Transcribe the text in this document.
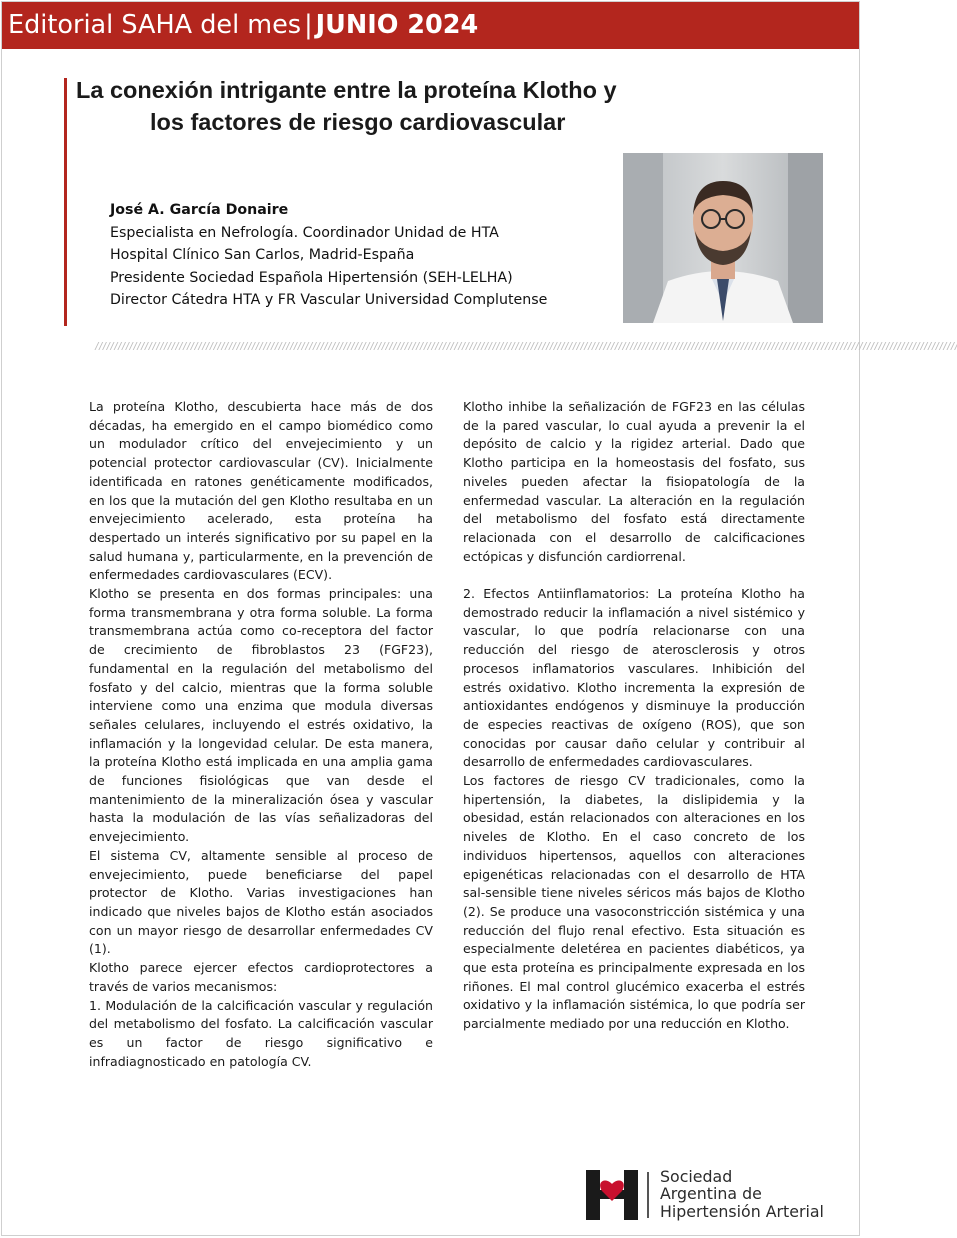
Editorial SAHA del mes | JUNIO 2024
La conexión intrigante entre la proteína Klotho y
los factores de riesgo cardiovascular
José A. García Donaire
Especialista en Nefrología. Coordinador Unidad de HTA
Hospital Clínico San Carlos, Madrid-España
Presidente Sociedad Española Hipertensión (SEH-LELHA)
Director Cátedra HTA y FR Vascular Universidad Complutense
//////////////////////////////////////////////////////////////////////////////////////////////////////////////////////////////////////////////////////////////////////////////////////////////////////////////////////////////////

La proteína Klotho, descubierta hace más de dos décadas, ha emergido en el campo biomédico como un modulador crítico del envejecimiento y un potencial protector cardiovascular (CV). Inicialmente identificada en ratones genéticamente modificados, en los que la mutación del gen Klotho resultaba en un envejecimiento acelerado, esta proteína ha despertado un interés significativo por su papel en la salud humana y, particularmente, en la prevención de enfermedades cardiovasculares (ECV).

Klotho se presenta en dos formas principales: una forma transmembrana y otra forma soluble. La forma transmembrana actúa como co-receptora del factor de crecimiento de fibroblastos 23 (FGF23), fundamental en la regulación del metabolismo del fosfato y del calcio, mientras que la forma soluble interviene como una enzima que modula diversas señales celulares, incluyendo el estrés oxidativo, la inflamación y la longevidad celular. De esta manera, la proteína Klotho está implicada en una amplia gama de funciones fisiológicas que van desde el mantenimiento de la mineralización ósea y vascular hasta la modulación de las vías señalizadoras del envejecimiento.

El sistema CV, altamente sensible al proceso de envejecimiento, puede beneficiarse del papel protector de Klotho. Varias investigaciones han indicado que niveles bajos de Klotho están asociados con un mayor riesgo de desarrollar enfermedades CV (1).

Klotho parece ejercer efectos cardioprotectores a través de varios mecanismos:

1. Modulación de la calcificación vascular y regulación del metabolismo del fosfato. La calcificación vascular es un factor de riesgo significativo e infradiagnosticado en patología CV.

Klotho inhibe la señalización de FGF23 en las células de la pared vascular, lo cual ayuda a prevenir la el depósito de calcio y la rigidez arterial. Dado que Klotho participa en la homeostasis del fosfato, sus niveles pueden afectar la fisiopatología de la enfermedad vascular. La alteración en la regulación del metabolismo del fosfato está directamente relacionada con el desarrollo de calcificaciones ectópicas y disfunción cardiorrenal.

2. Efectos Antiinflamatorios: La proteína Klotho ha demostrado reducir la inflamación a nivel sistémico y vascular, lo que podría relacionarse con una reducción del riesgo de aterosclerosis y otros procesos inflamatorios vasculares. Inhibición del estrés oxidativo. Klotho incrementa la expresión de antioxidantes endógenos y disminuye la producción de especies reactivas de oxígeno (ROS), que son conocidas por causar daño celular y contribuir al desarrollo de enfermedades cardiovasculares.

Los factores de riesgo CV tradicionales, como la hipertensión, la diabetes, la dislipidemia y la obesidad, están relacionados con alteraciones en los niveles de Klotho. En el caso concreto de los individuos hipertensos, aquellos con alteraciones epigenéticas relacionadas con el desarrollo de HTA sal-sensible tiene niveles séricos más bajos de Klotho (2). Se produce una vasoconstricción sistémica y una reducción del flujo renal efectivo. Esta situación es especialmente deletérea en pacientes diabéticos, ya que esta proteína es principalmente expresada en los riñones. El mal control glucémico exacerba el estrés oxidativo y la inflamación sistémica, lo que podría ser parcialmente mediado por una reducción en Klotho.

Sociedad
Argentina de
Hipertensión Arterial
